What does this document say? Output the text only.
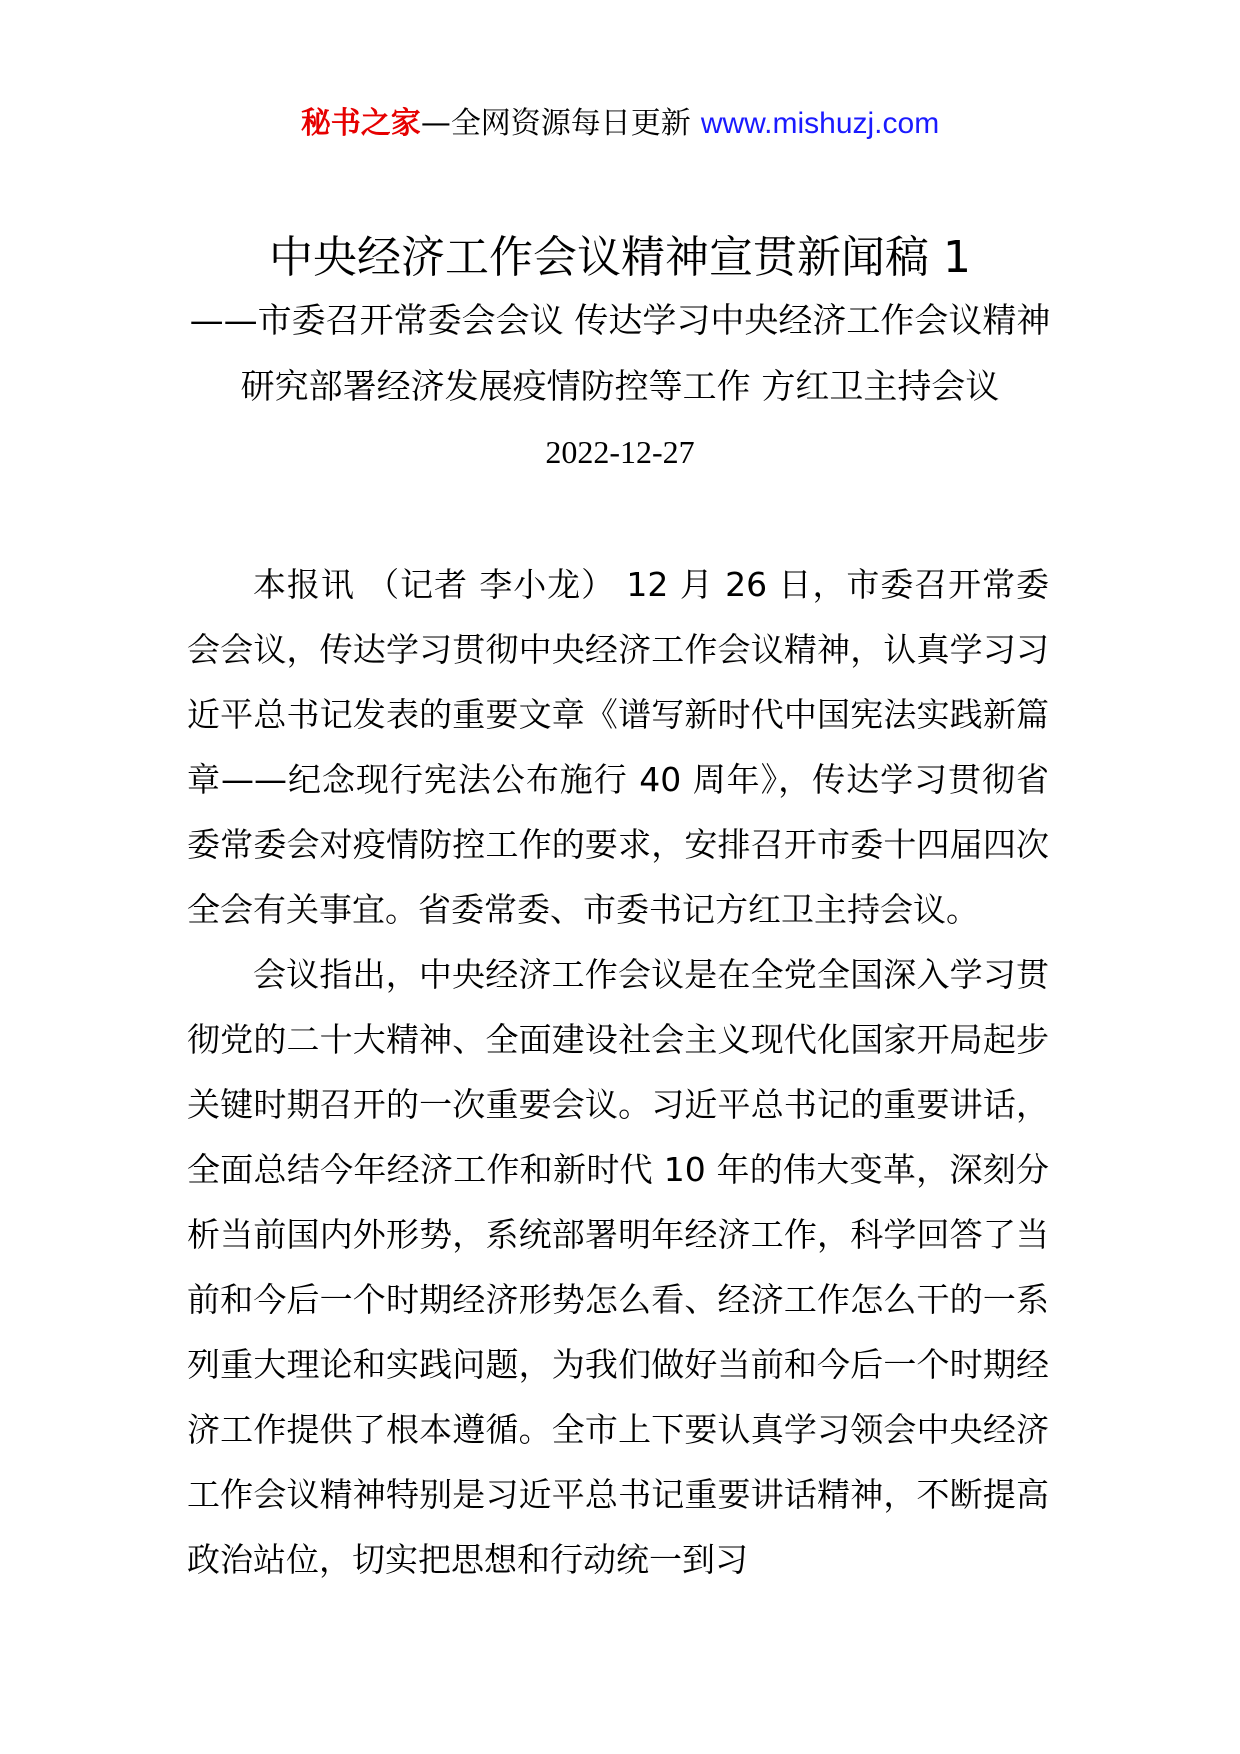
秘书之家—全网资源每日更新 www.mishuzj.com
中央经济工作会议精神宣贯新闻稿 1
——市委召开常委会会议 传达学习中央经济工作会议精神
研究部署经济发展疫情防控等工作 方红卫主持会议
2022-12-27

本报讯 （记者 李小龙） 12 月 26 日，市委召开常委会会议，传达学习贯彻中央经济工作会议精神，认真学习习近平总书记发表的重要文章《谱写新时代中国宪法实践新篇章——纪念现行宪法公布施行 40 周年》，传达学习贯彻省委常委会对疫情防控工作的要求，安排召开市委十四届四次全会有关事宜。省委常委、市委书记方红卫主持会议。

会议指出，中央经济工作会议是在全党全国深入学习贯彻党的二十大精神、全面建设社会主义现代化国家开局起步关键时期召开的一次重要会议。习近平总书记的重要讲话，全面总结今年经济工作和新时代 10 年的伟大变革，深刻分析当前国内外形势，系统部署明年经济工作，科学回答了当前和今后一个时期经济形势怎么看、经济工作怎么干的一系列重大理论和实践问题，为我们做好当前和今后一个时期经济工作提供了根本遵循。全市上下要认真学习领会中央经济工作会议精神特别是习近平总书记重要讲话精神，不断提高政治站位，切实把思想和行动统一到习
